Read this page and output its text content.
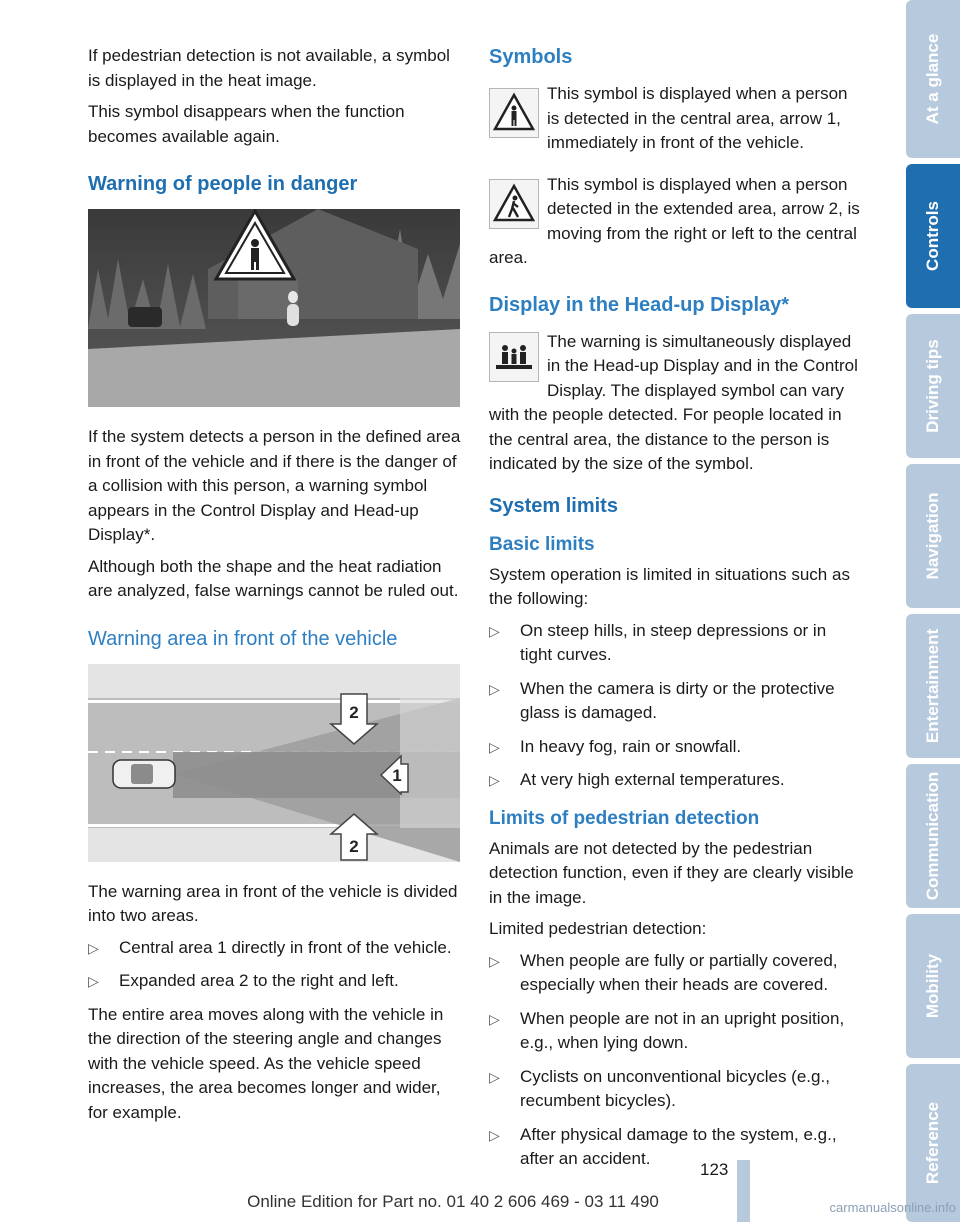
If pedestrian detection is not available, a symbol is displayed in the heat image.

This symbol disappears when the function becomes available again.

Warning of people in danger

If the system detects a person in the defined area in front of the vehicle and if there is the danger of a collision with this person, a warning symbol appears in the Control Display and Head-up Display*.

Although both the shape and the heat radiation are analyzed, false warnings cannot be ruled out.

Warning area in front of the vehicle
2
1
2

The warning area in front of the vehicle is divided into two areas.

▷ Central area 1 directly in front of the vehicle.
▷ Expanded area 2 to the right and left.

The entire area moves along with the vehicle in the direction of the steering angle and changes with the vehicle speed. As the vehicle speed increases, the area becomes longer and wider, for example.

Symbols

This symbol is displayed when a person is detected in the central area, arrow 1, immediately in front of the vehicle.

This symbol is displayed when a person detected in the extended area, arrow 2, is moving from the right or left to the central area.

Display in the Head-up Display*

The warning is simultaneously displayed in the Head-up Display and in the Control Display. The displayed symbol can vary with the people detected. For people located in the central area, the distance to the person is indicated by the size of the symbol.

System limits
Basic limits

System operation is limited in situations such as the following:

▷ On steep hills, in steep depressions or in tight curves.
▷ When the camera is dirty or the protective glass is damaged.
▷ In heavy fog, rain or snowfall.
▷ At very high external temperatures.
Limits of pedestrian detection

Animals are not detected by the pedestrian detection function, even if they are clearly visible in the image.

Limited pedestrian detection:

▷ When people are fully or partially covered, especially when their heads are covered.
▷ When people are not in an upright position, e.g., when lying down.
▷ Cyclists on unconventional bicycles (e.g., recumbent bicycles).
▷ After physical damage to the system, e.g., after an accident.
At a glance
Controls
Driving tips
Navigation
Entertainment
Communication
Mobility
Reference
123
Online Edition for Part no. 01 40 2 606 469 - 03 11 490	carmanualsonline.info
